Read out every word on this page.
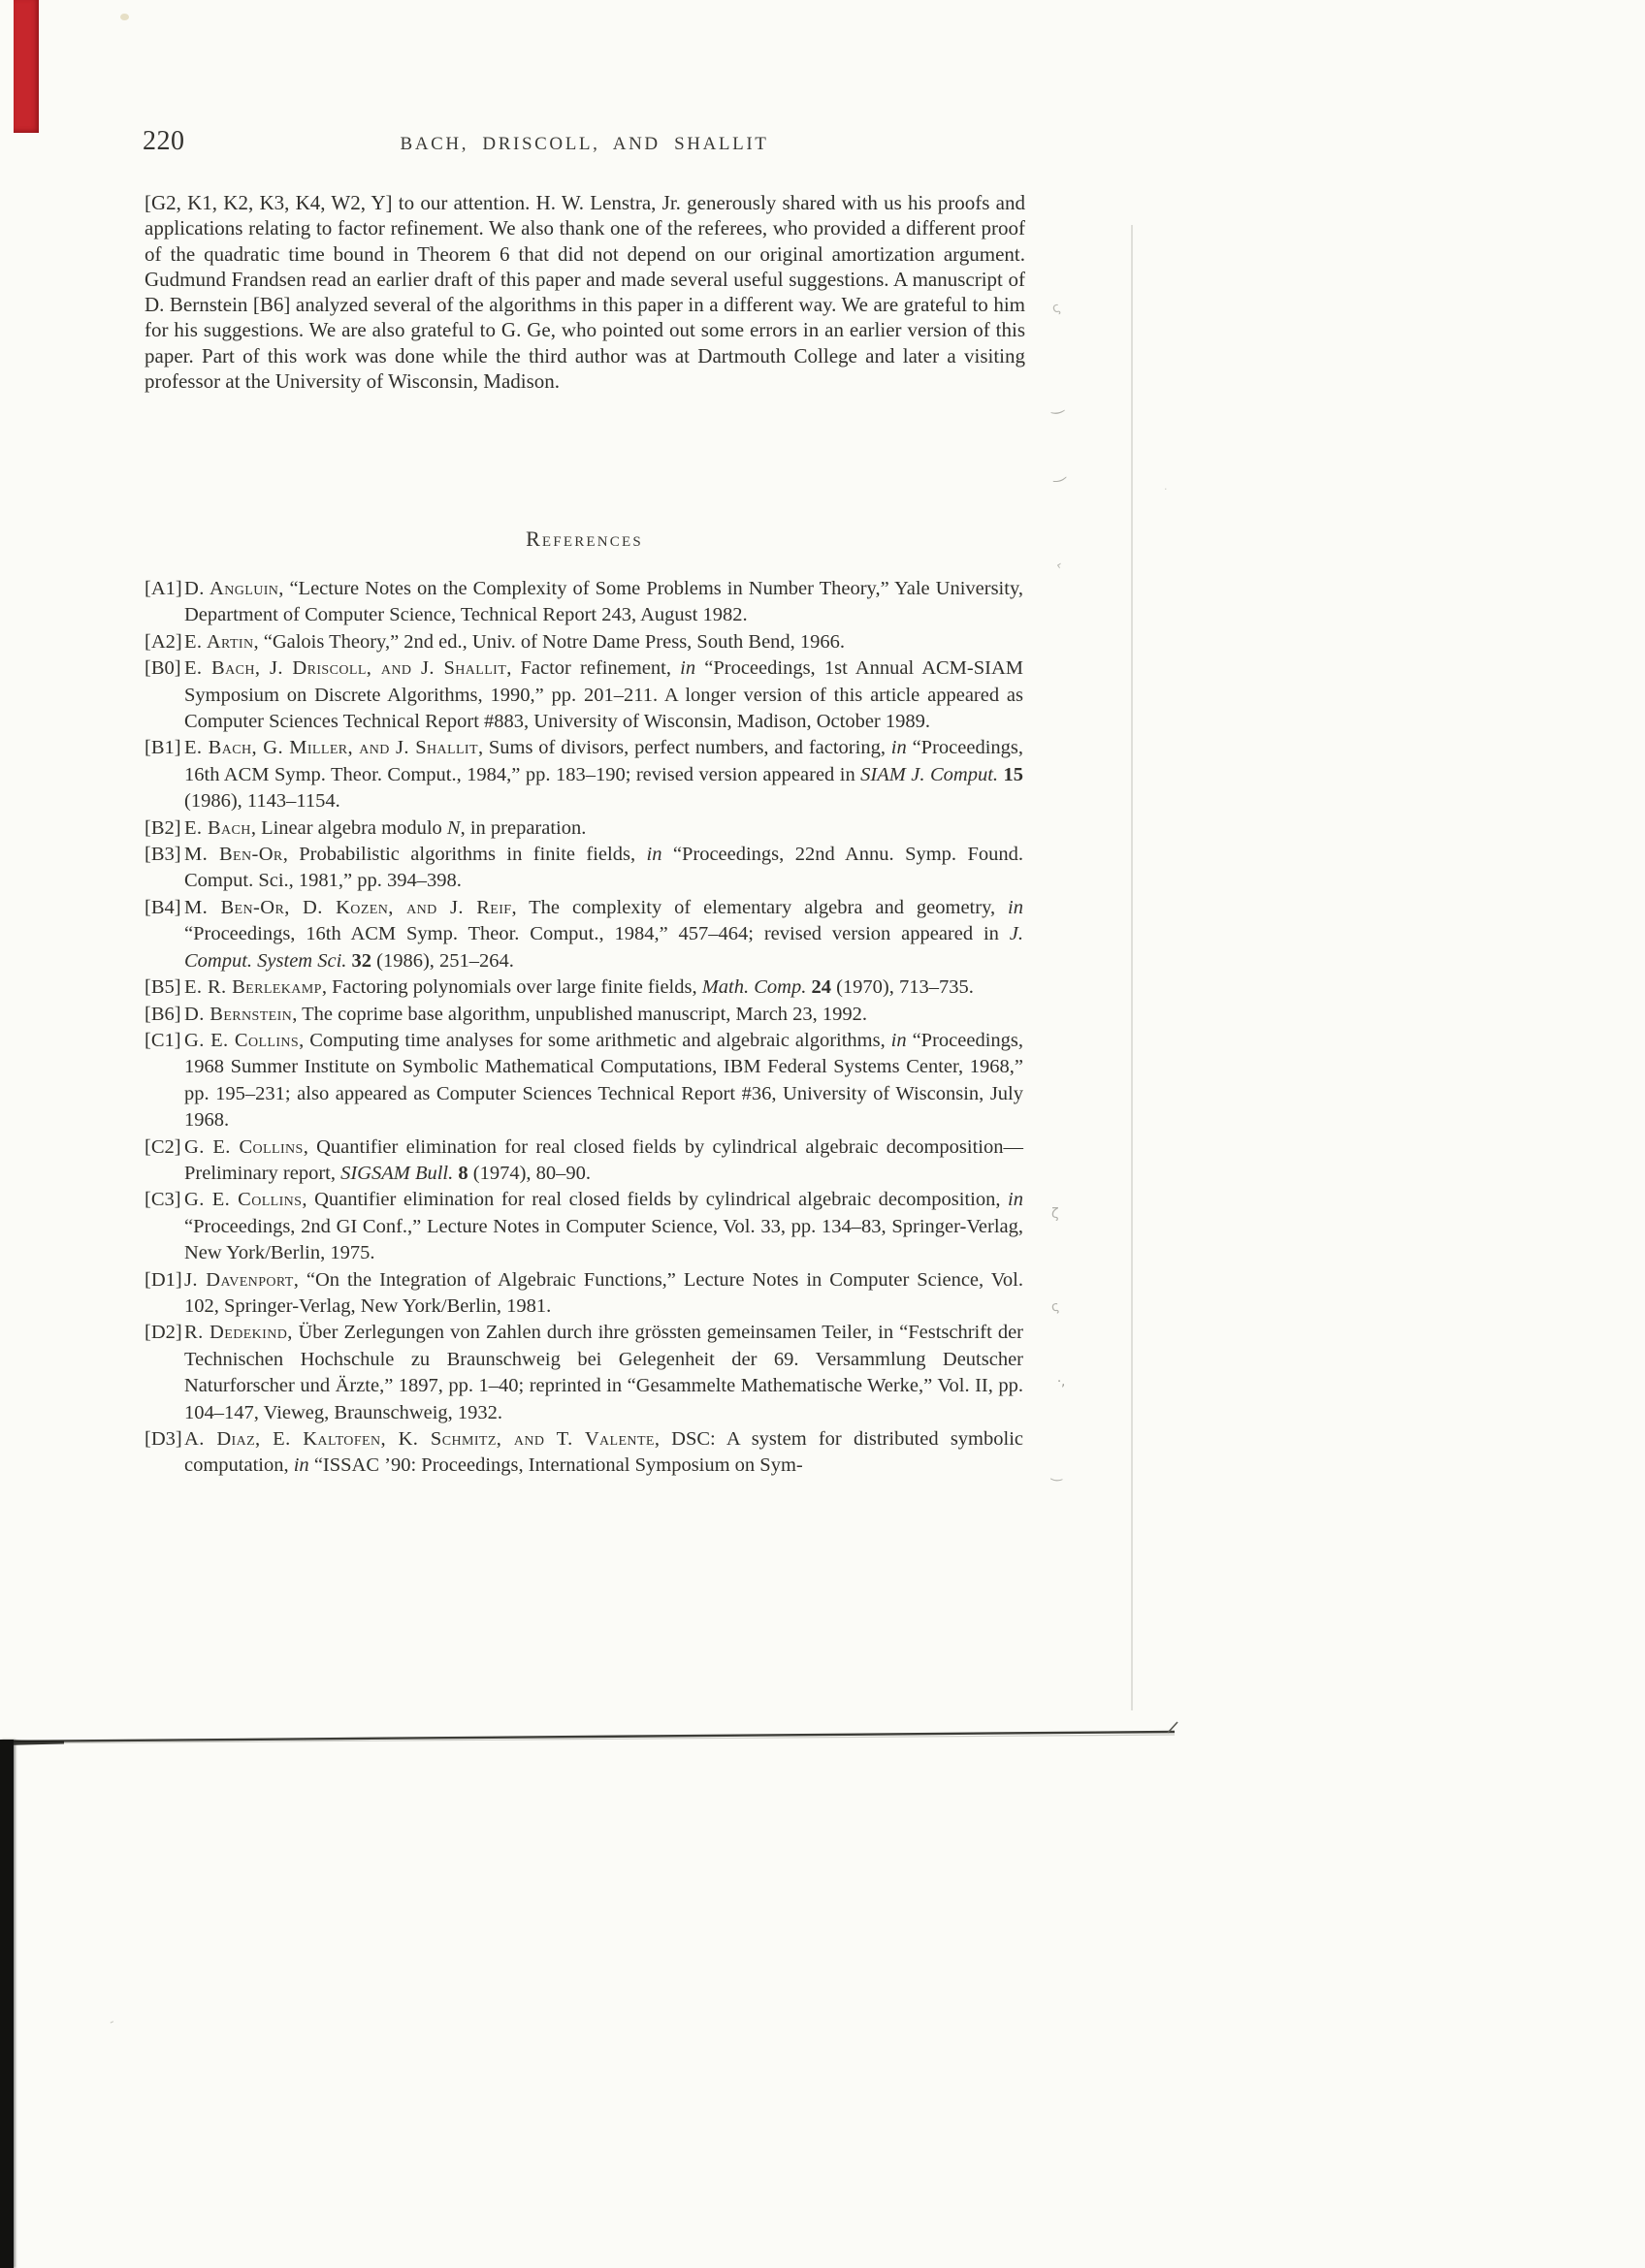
220	BACH, DRISCOLL, AND SHALLIT
[G2, K1, K2, K3, K4, W2, Y] to our attention. H. W. Lenstra, Jr. generously shared with us his proofs and applications relating to factor refinement. We also thank one of the referees, who provided a different proof of the quadratic time bound in Theorem 6 that did not depend on our original amortization argument. Gudmund Frandsen read an earlier draft of this paper and made several useful suggestions. A manuscript of D. Bernstein [B6] analyzed several of the algorithms in this paper in a different way. We are grateful to him for his suggestions. We are also grateful to G. Ge, who pointed out some errors in an earlier version of this paper. Part of this work was done while the third author was at Dartmouth College and later a visiting professor at the University of Wisconsin, Madison.
References
[A1] D. Angluin, “Lecture Notes on the Complexity of Some Problems in Number Theory,” Yale University, Department of Computer Science, Technical Report 243, August 1982.
[A2] E. Artin, “Galois Theory,” 2nd ed., Univ. of Notre Dame Press, South Bend, 1966.
[B0] E. Bach, J. Driscoll, and J. Shallit, Factor refinement, in “Proceedings, 1st Annual ACM-SIAM Symposium on Discrete Algorithms, 1990,” pp. 201–211. A longer version of this article appeared as Computer Sciences Technical Report #883, University of Wisconsin, Madison, October 1989.
[B1] E. Bach, G. Miller, and J. Shallit, Sums of divisors, perfect numbers, and factoring, in “Proceedings, 16th ACM Symp. Theor. Comput., 1984,” pp. 183–190; revised version appeared in SIAM J. Comput. 15 (1986), 1143–1154.
[B2] E. Bach, Linear algebra modulo N, in preparation.
[B3] M. Ben-Or, Probabilistic algorithms in finite fields, in “Proceedings, 22nd Annu. Symp. Found. Comput. Sci., 1981,” pp. 394–398.
[B4] M. Ben-Or, D. Kozen, and J. Reif, The complexity of elementary algebra and geometry, in “Proceedings, 16th ACM Symp. Theor. Comput., 1984,” 457–464; revised version appeared in J. Comput. System Sci. 32 (1986), 251–264.
[B5] E. R. Berlekamp, Factoring polynomials over large finite fields, Math. Comp. 24 (1970), 713–735.
[B6] D. Bernstein, The coprime base algorithm, unpublished manuscript, March 23, 1992.
[C1] G. E. Collins, Computing time analyses for some arithmetic and algebraic algorithms, in “Proceedings, 1968 Summer Institute on Symbolic Mathematical Computations, IBM Federal Systems Center, 1968,” pp. 195–231; also appeared as Computer Sciences Technical Report #36, University of Wisconsin, July 1968.
[C2] G. E. Collins, Quantifier elimination for real closed fields by cylindrical algebraic decomposition—Preliminary report, SIGSAM Bull. 8 (1974), 80–90.
[C3] G. E. Collins, Quantifier elimination for real closed fields by cylindrical algebraic decomposition, in “Proceedings, 2nd GI Conf.,” Lecture Notes in Computer Science, Vol. 33, pp. 134–83, Springer-Verlag, New York/Berlin, 1975.
[D1] J. Davenport, “On the Integration of Algebraic Functions,” Lecture Notes in Computer Science, Vol. 102, Springer-Verlag, New York/Berlin, 1981.
[D2] R. Dedekind, Über Zerlegungen von Zahlen durch ihre grössten gemeinsamen Teiler, in “Festschrift der Technischen Hochschule zu Braunschweig bei Gelegenheit der 69. Versammlung Deutscher Naturforscher und Ärzte,” 1897, pp. 1–40; reprinted in “Gesammelte Mathematische Werke,” Vol. II, pp. 104–147, Vieweg, Braunschweig, 1932.
[D3] A. Diaz, E. Kaltofen, K. Schmitz, and T. Valente, DSC: A system for distributed symbolic computation, in “ISSAC ’90: Proceedings, International Symposium on Sym-
ς
‿
‿
‹
ζ
ς
·,
‿
·
-
